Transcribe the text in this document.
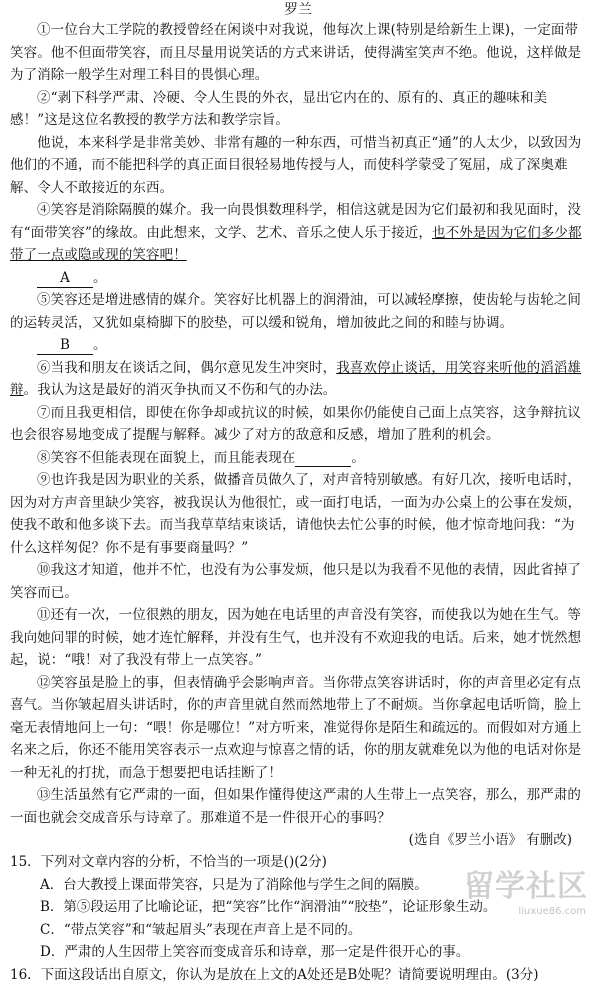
罗兰

①一位台大工学院的教授曾经在闲谈中对我说，他每次上课(特别是给新生上课)，一定面带笑容。他不但面带笑容，而且尽量用说笑话的方式来讲话，使得满室笑声不绝。他说，这样做是为了消除一般学生对理工科目的畏惧心理。

②“剥下科学严肃、冷硬、令人生畏的外衣，显出它内在的、原有的、真正的趣味和美感！”这是这位名教授的教学方法和教学宗旨。

他说，本来科学是非常美妙、非常有趣的一种东西，可惜当初真正“通”的人太少，以致因为他们的不通，而不能把科学的真正面目很轻易地传授与人，而使科学蒙受了冤屈，成了深奥难解、令人不敢接近的东西。

④笑容是消除隔膜的媒介。我一向畏惧数理科学，相信这就是因为它们最初和我见面时，没有“面带笑容”的缘故。由此想来，文学、艺术、音乐之使人乐于接近，也不外是因为它们多少都带了一点或隐或现的笑容吧！

A 。

⑤笑容还是增进感情的媒介。笑容好比机器上的润滑油，可以减轻摩擦，使齿轮与齿轮之间的运转灵活，又犹如桌椅脚下的胶垫，可以缓和锐角，增加彼此之间的和睦与协调。

B 。

⑥当我和朋友在谈话之间，偶尔意见发生冲突时，我喜欢停止谈话，用笑容来听他的滔滔雄辩。我认为这是最好的消灭争执而又不伤和气的办法。

⑦而且我更相信，即使在你争却或抗议的时候，如果你仍能使自己面上点笑容，这争辩抗议也会很容易地变成了提醒与解释。减少了对方的敌意和反感，增加了胜利的机会。

⑧笑容不但能表现在面貌上，而且能表现在	。

⑨也许我是因为职业的关系，做播音员做久了，对声音特别敏感。有好几次，接听电话时，因为对方声音里缺少笑容，被我误认为他很忙，或一面打电话，一面为办公桌上的公事在发烦，使我不敢和他多谈下去。而当我草草结束谈话，请他快去忙公事的时候，他才惊奇地问我：“为什么这样匆促？你不是有事要商量吗？”

⑩我这才知道，他并不忙，也没有为公事发烦，他只是以为我看不见他的表情，因此省掉了笑容而已。

⑪还有一次，一位很熟的朋友，因为她在电话里的声音没有笑容，而使我以为她在生气。等我向她问罪的时候，她才连忙解释，并没有生气，也并没有不欢迎我的电话。后来，她才恍然想起，说：“哦！对了我没有带上一点笑容。”

⑫笑容虽是脸上的事，但表情确乎会影响声音。当你带点笑容讲话时，你的声音里必定有点喜气。当你皱起眉头讲话时，你的声音里就自然而然地带上了不耐烦。当你拿起电话听筒，脸上毫无表情地问上一句：“喂！你是哪位！”对方听来，准觉得你是陌生和疏远的。而假如对方通上名来之后，你还不能用笑容表示一点欢迎与惊喜之情的话，你的朋友就难免以为他的电话对你是一种无礼的打扰，而急于想要把电话挂断了！

⑬生活虽然有它严肃的一面，但如果作懂得使这严肃的人生带上一点笑容，那么，那严肃的一面也就会交成音乐与诗章了。那难道不是一件很开心的事吗？

(选自《罗兰小语》 有删改)

15．下列对文章内容的分析，不恰当的一项是()(2分)

A．台大教授上课面带笑容，只是为了消除他与学生之间的隔膜。

B．第⑤段运用了比喻论证，把“笑容”比作“润滑油”“胶垫”，论证形象生动。

C．“带点笑容”和“皱起眉头”表现在声音上是不同的。

D．严肃的人生因带上笑容而变成音乐和诗章，那一定是件很开心的事。

16．下面这段话出自原文，你认为是放在上文的A处还是B处呢？请简要说明理由。(3分)

留学社区
liuxue86.com
